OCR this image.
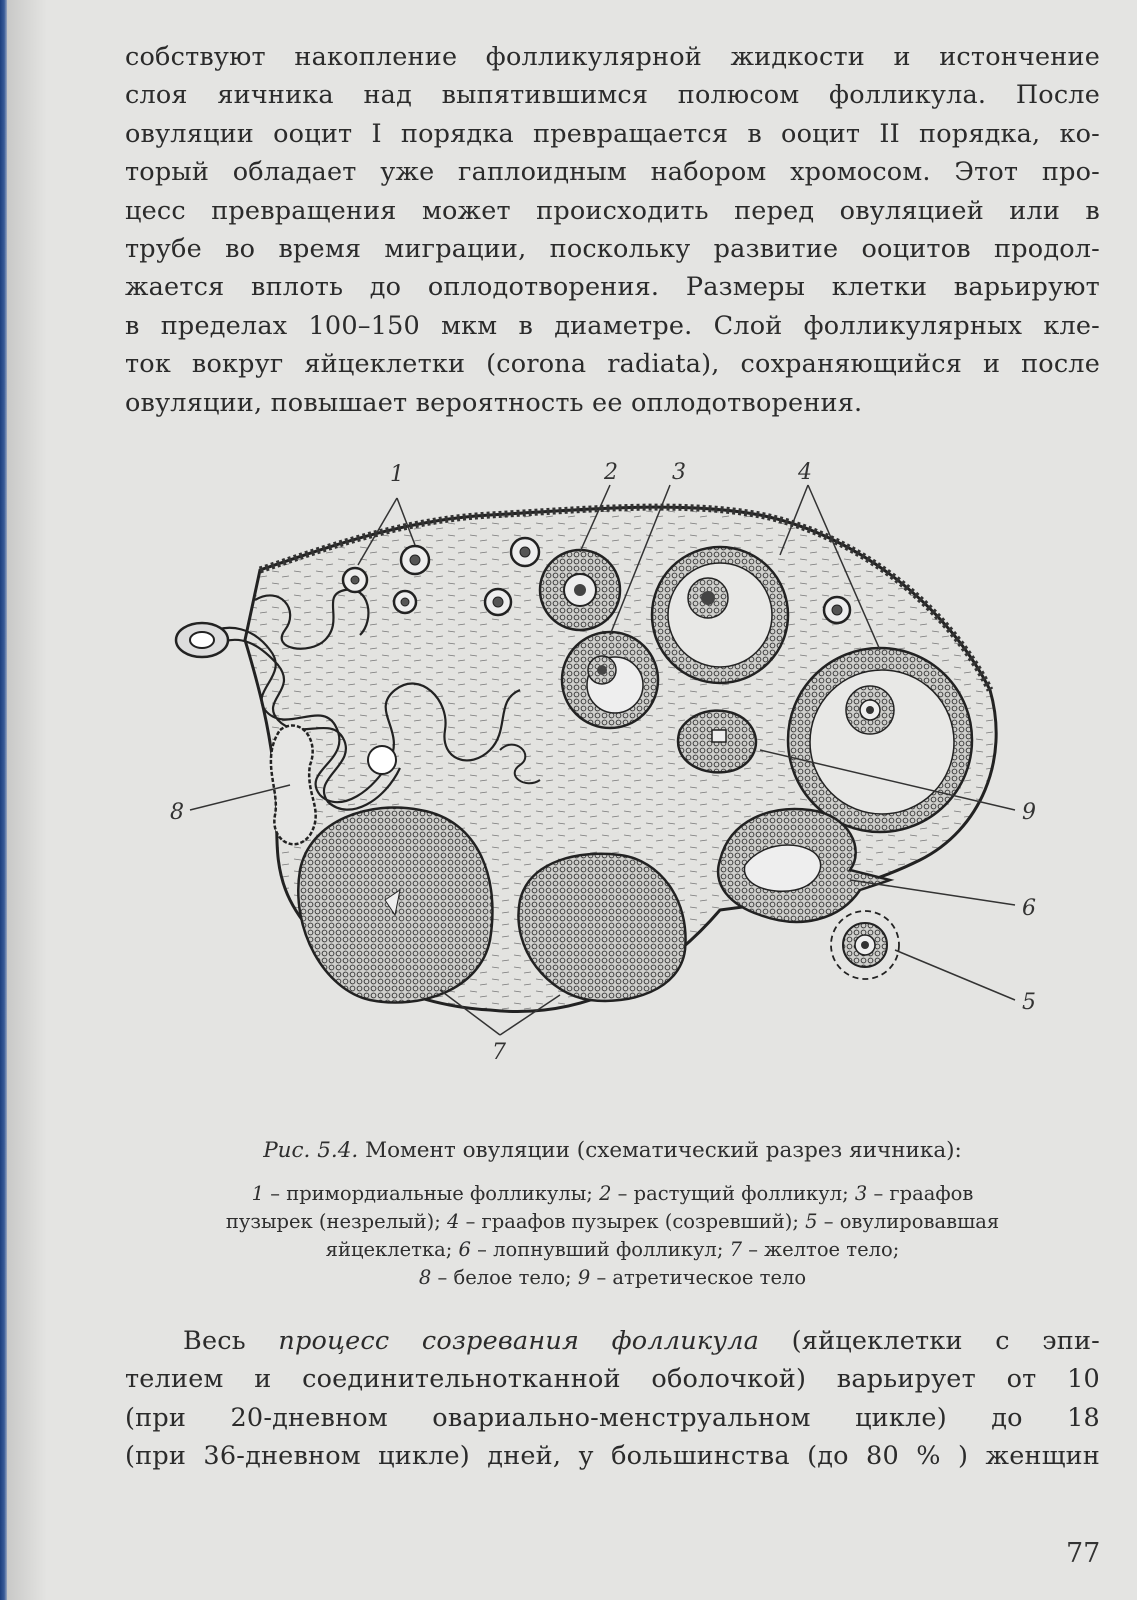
собствуют накопление фолликулярной жидкости и истончение
слоя яичника над выпятившимся полюсом фолликула. После
овуляции ооцит I порядка превращается в ооцит II порядка, ко-
торый обладает уже гаплоидным набором хромосом. Этот про-
цесс превращения может происходить перед овуляцией или в
трубе во время миграции, поскольку развитие ооцитов продол-
жается вплоть до оплодотворения. Размеры клетки варьируют
в пределах 100–150 мкм в диаметре. Слой фолликулярных кле-
ток вокруг яйцеклетки (corona radiata), сохраняющийся и после
овуляции, повышает вероятность ее оплодотворения.
1	2 3	4
5
6
7
8	9
Рис. 5.4. Момент овуляции (схематический разрез яичника):
1 – примордиальные фолликулы; 2 – растущий фолликул; 3 – граафов
пузырек (незрелый); 4 – граафов пузырек (созревший); 5 – овулировавшая
яйцеклетка; 6 – лопнувший фолликул; 7 – желтое тело;
8 – белое тело; 9 – атретическое тело
Весь процесс созревания фолликула (яйцеклетки с эпи-
телием и соединительнотканной оболочкой) варьирует от 10
(при 20-дневном овариально-менструальном цикле) до 18
(при 36-дневном цикле) дней, у большинства (до 80 % ) женщин
77
